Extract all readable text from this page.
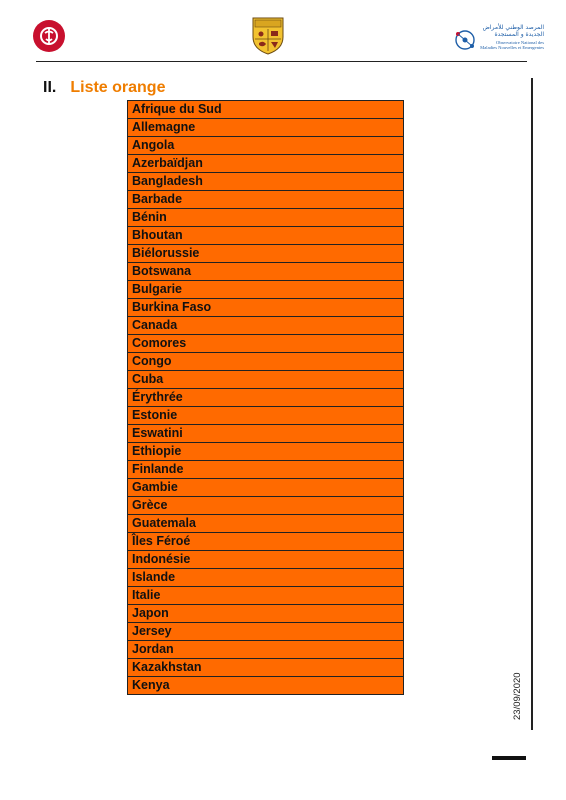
المرصد الوطني للأمراض
الجديدة و المستجدة
Observatoire National des
Maladies Nouvelles et Emergentes
II. Liste orange
Afrique du Sud
Allemagne
Angola
Azerbaïdjan
Bangladesh
Barbade
Bénin
Bhoutan
Biélorussie
Botswana
Bulgarie
Burkina Faso
Canada
Comores
Congo
Cuba
Érythrée
Estonie
Eswatini
Ethiopie
Finlande
Gambie
Grèce
Guatemala
Îles Féroé
Indonésie
Islande
Italie
Japon
Jersey
Jordan
Kazakhstan
Kenya	23/09/2020
